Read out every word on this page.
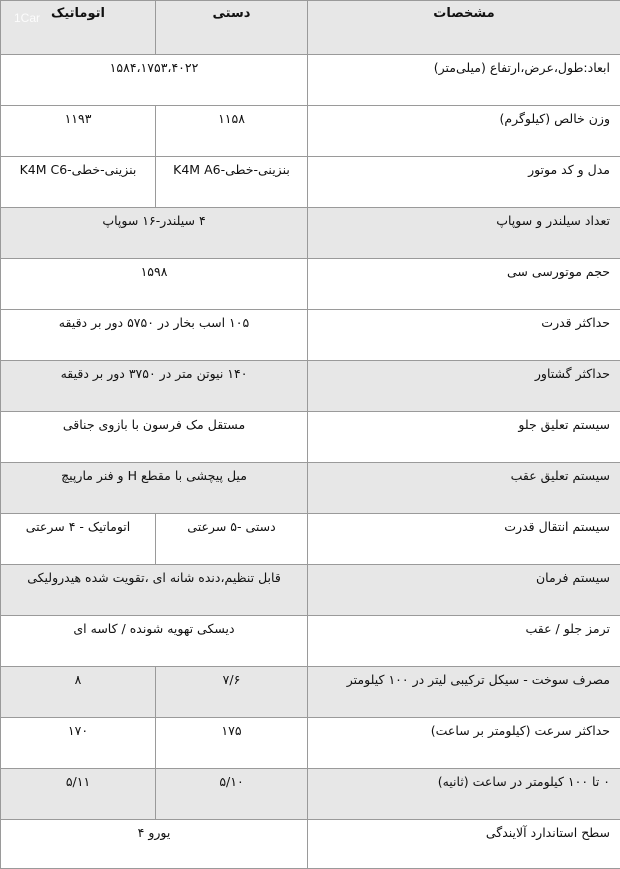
مشخصات	دستی	اتوماتیک
ابعاد:طول،عرض،ارتفاع (میلی‌متر)	۱۵۸۴،۱۷۵۳،۴۰۲۲	
وزن خالص (کیلوگرم)	۱۱۵۸	۱۱۹۳
مدل و کد موتور	بنزینی-خطی-K4M A6	بنزینی-خطی-K4M C6
تعداد سیلندر و سوپاپ	۴ سیلندر-۱۶ سوپاپ	
حجم موتورسی سی	۱۵۹۸	
حداکثر قدرت	۱۰۵ اسب بخار در ۵۷۵۰ دور بر دقیقه	
حداکثر گشتاور	۱۴۰ نیوتن متر در ۳۷۵۰ دور بر دقیقه	
سیستم تعلیق جلو	مستقل مک فرسون با بازوی جناقی	
سیستم تعلیق عقب	میل پیچشی با مقطع H و فنر مارپیچ	
سیستم انتقال قدرت	دستی -۵ سرعتی	اتوماتیک - ۴ سرعتی
سیستم فرمان	قابل تنظیم،دنده شانه ای ،تقویت شده هیدرولیکی	
ترمز جلو / عقب	دیسکی تهویه شونده / کاسه ای	
مصرف سوخت - سیکل ترکیبی لیتر در ۱۰۰ کیلومتر	۷/۶	۸
حداکثر سرعت (کیلومتر بر ساعت)	۱۷۵	۱۷۰
۰ تا ۱۰۰ کیلومتر در ساعت (ثانیه)	۵/۱۰	۵/۱۱
سطح استاندارد آلایندگی	یورو ۴	
1Car
